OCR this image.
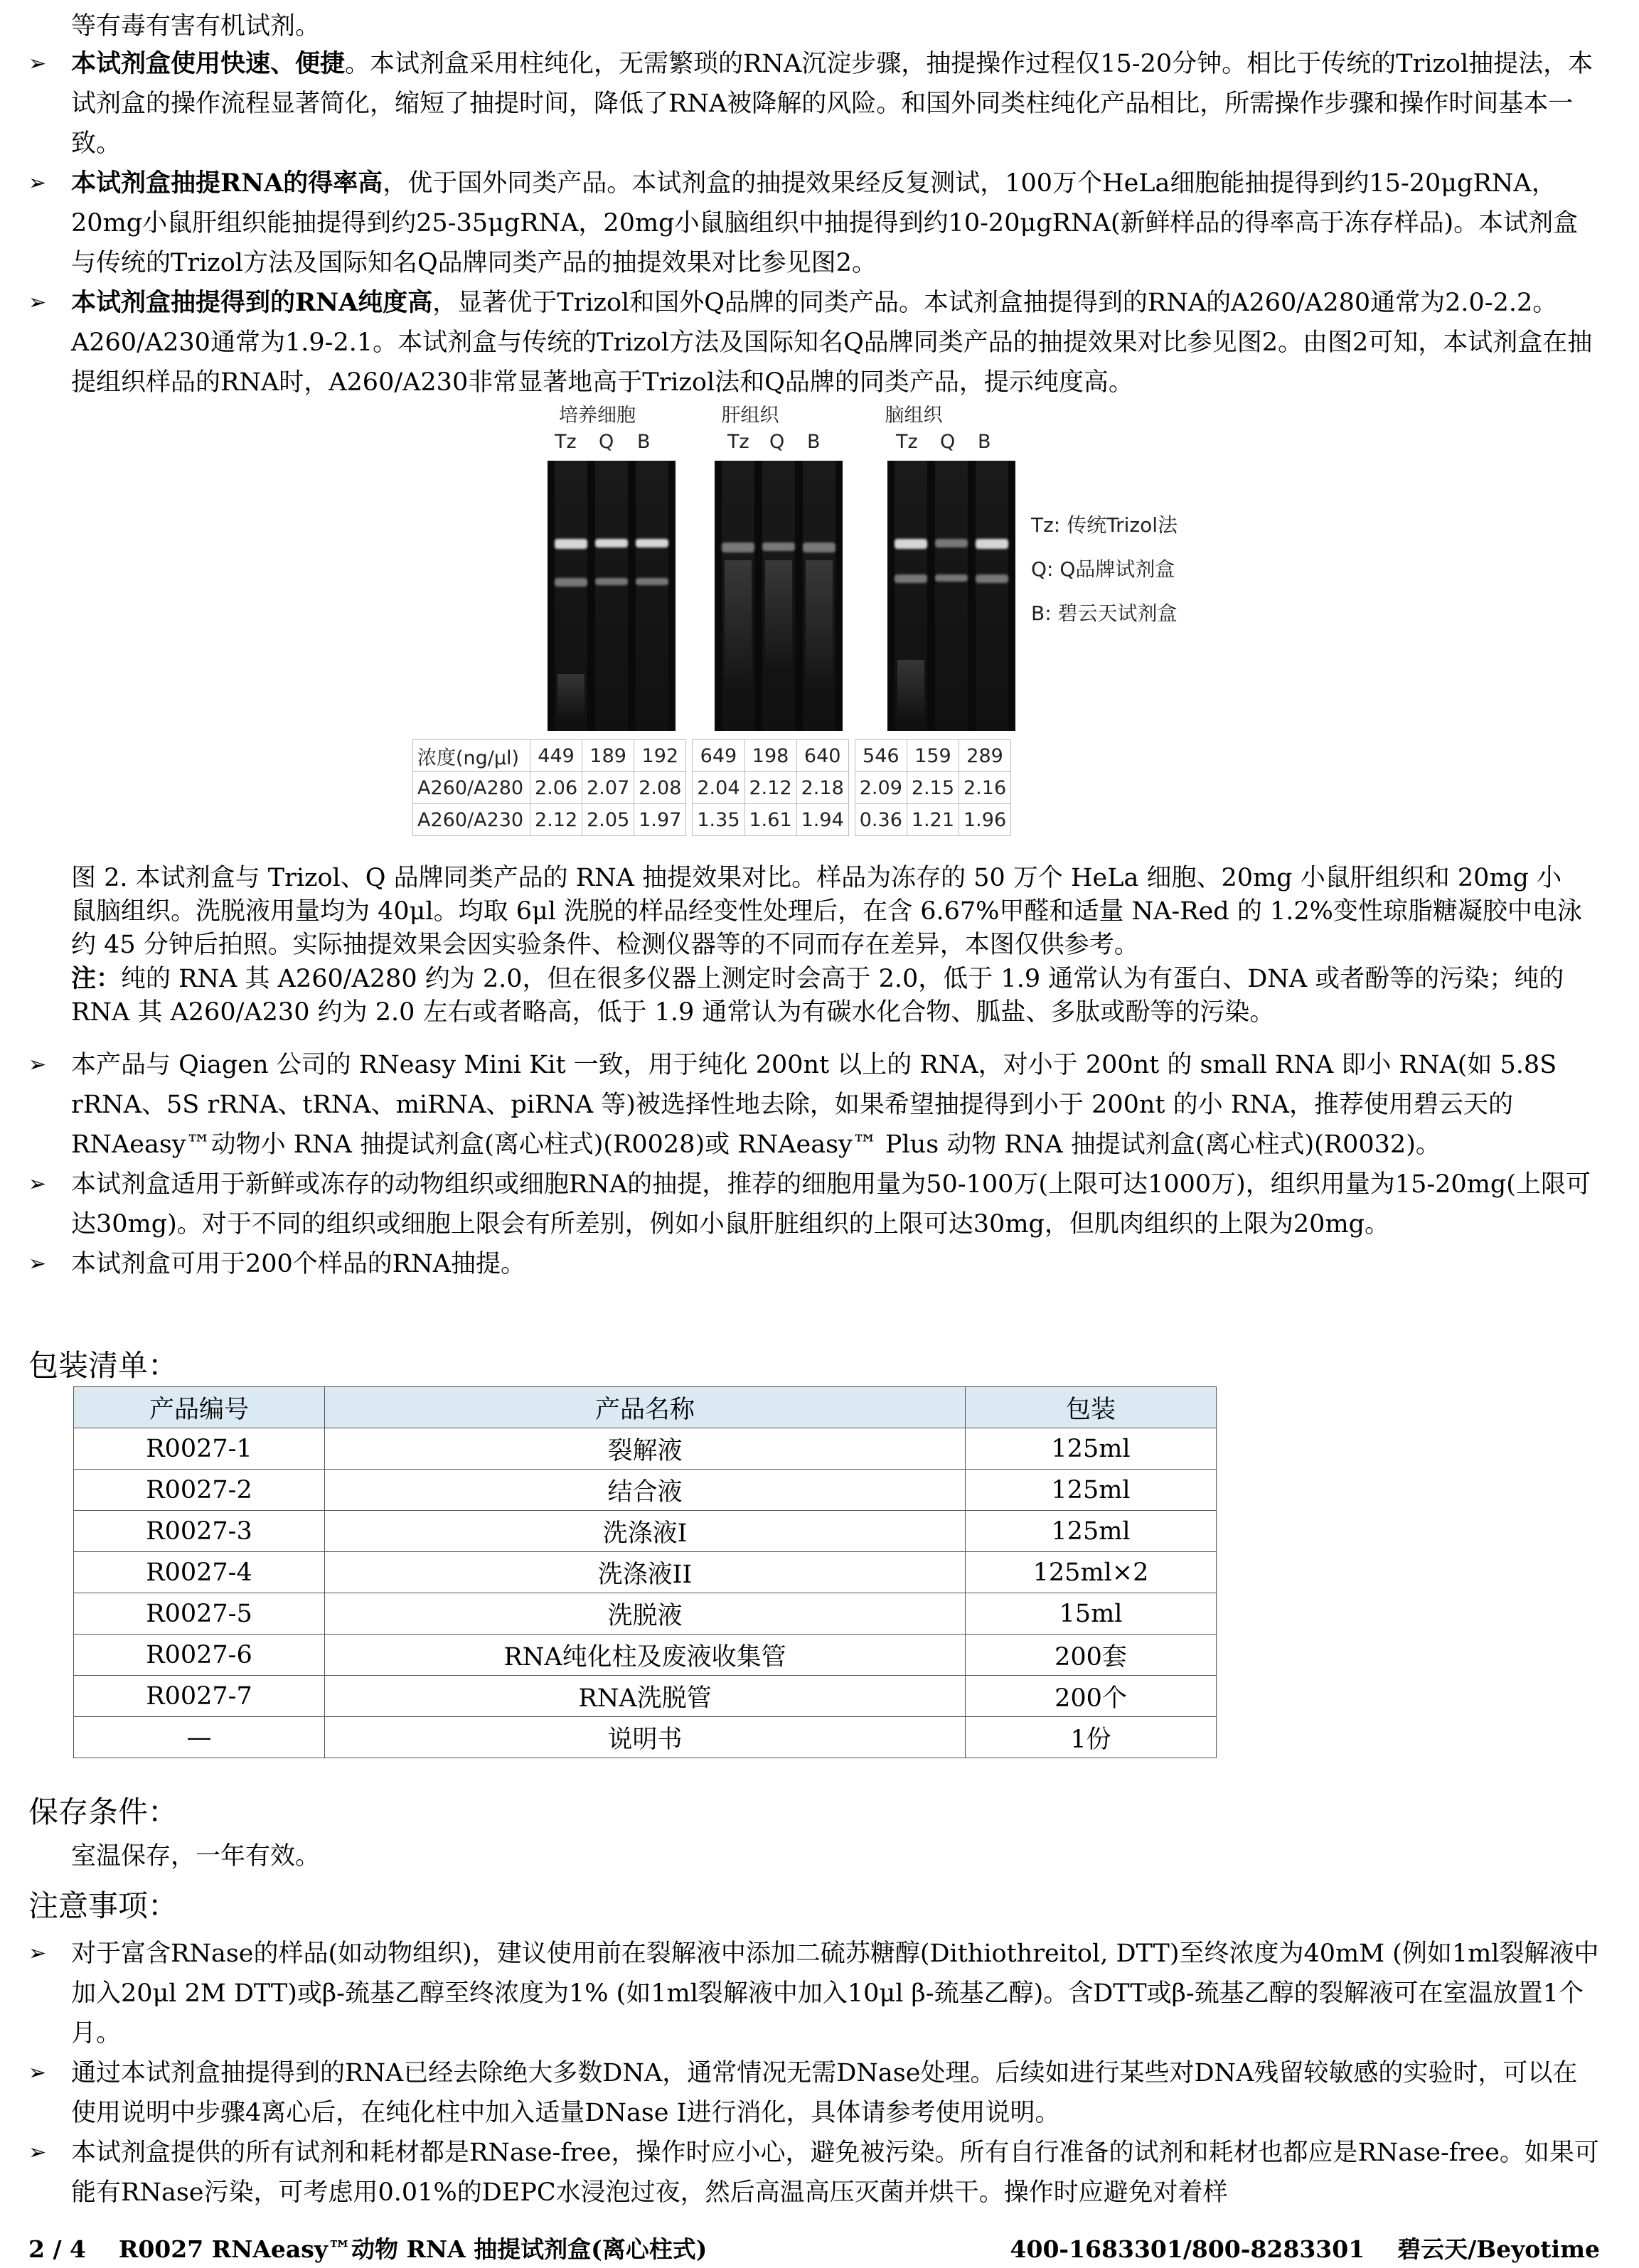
等有毒有害有机试剂。
➢ 本试剂盒使用快速、便捷。本试剂盒采用柱纯化，无需繁琐的RNA沉淀步骤，抽提操作过程仅15-20分钟。相比于传统的Trizol抽提法，本试剂盒的操作流程显著简化，缩短了抽提时间，降低了RNA被降解的风险。和国外同类柱纯化产品相比，所需操作步骤和操作时间基本一致。
➢ 本试剂盒抽提RNA的得率高，优于国外同类产品。本试剂盒的抽提效果经反复测试，100万个HeLa细胞能抽提得到约15-20μgRNA，20mg小鼠肝组织能抽提得到约25-35μgRNA，20mg小鼠脑组织中抽提得到约10-20μgRNA(新鲜样品的得率高于冻存样品)。本试剂盒与传统的Trizol方法及国际知名Q品牌同类产品的抽提效果对比参见图2。
➢ 本试剂盒抽提得到的RNA纯度高，显著优于Trizol和国外Q品牌的同类产品。本试剂盒抽提得到的RNA的A260/A280通常为2.0-2.2。A260/A230通常为1.9-2.1。本试剂盒与传统的Trizol方法及国际知名Q品牌同类产品的抽提效果对比参见图2。由图2可知，本试剂盒在抽提组织样品的RNA时，A260/A230非常显著地高于Trizol法和Q品牌的同类产品，提示纯度高。
培养细胞	肝组织	脑组织
Tz Q B	Tz Q B	Tz Q B
Tz: 传统Trizol法
Q: Q品牌试剂盒
B: 碧云天试剂盒
浓度(ng/μl)	449	189	192		649	198	640		546	159	289
A260/A280	2.06	2.07	2.08		2.04	2.12	2.18		2.09	2.15	2.16
A260/A230	2.12	2.05	1.97		1.35	1.61	1.94		0.36	1.21	1.96
图 2. 本试剂盒与 Trizol、Q 品牌同类产品的 RNA 抽提效果对比。样品为冻存的 50 万个 HeLa 细胞、20mg 小鼠肝组织和 20mg 小鼠脑组织。洗脱液用量均为 40μl。均取 6μl 洗脱的样品经变性处理后，在含 6.67%甲醛和适量 NA-Red 的 1.2%变性琼脂糖凝胶中电泳约 45 分钟后拍照。实际抽提效果会因实验条件、检测仪器等的不同而存在差异，本图仅供参考。
注：纯的 RNA 其 A260/A280 约为 2.0，但在很多仪器上测定时会高于 2.0，低于 1.9 通常认为有蛋白、DNA 或者酚等的污染；纯的 RNA 其 A260/A230 约为 2.0 左右或者略高，低于 1.9 通常认为有碳水化合物、胍盐、多肽或酚等的污染。
➢ 本产品与 Qiagen 公司的 RNeasy Mini Kit 一致，用于纯化 200nt 以上的 RNA，对小于 200nt 的 small RNA 即小 RNA(如 5.8S rRNA、5S rRNA、tRNA、miRNA、piRNA 等)被选择性地去除，如果希望抽提得到小于 200nt 的小 RNA，推荐使用碧云天的 RNAeasy™动物小 RNA 抽提试剂盒(离心柱式)(R0028)或 RNAeasy™ Plus 动物 RNA 抽提试剂盒(离心柱式)(R0032)。
➢ 本试剂盒适用于新鲜或冻存的动物组织或细胞RNA的抽提，推荐的细胞用量为50-100万(上限可达1000万)，组织用量为15-20mg(上限可达30mg)。对于不同的组织或细胞上限会有所差别，例如小鼠肝脏组织的上限可达30mg，但肌肉组织的上限为20mg。
➢ 本试剂盒可用于200个样品的RNA抽提。
包装清单：
产品编号	产品名称	包装
R0027-1	裂解液	125ml
R0027-2	结合液	125ml
R0027-3	洗涤液I	125ml
R0027-4	洗涤液II	125ml×2
R0027-5	洗脱液	15ml
R0027-6	RNA纯化柱及废液收集管	200套
R0027-7	RNA洗脱管	200个
—	说明书	1份
保存条件：
室温保存，一年有效。
注意事项：
➢ 对于富含RNase的样品(如动物组织)，建议使用前在裂解液中添加二硫苏糖醇(Dithiothreitol, DTT)至终浓度为40mM (例如1ml裂解液中加入20μl 2M DTT)或β-巯基乙醇至终浓度为1% (如1ml裂解液中加入10μl β-巯基乙醇)。含DTT或β-巯基乙醇的裂解液可在室温放置1个月。
➢ 通过本试剂盒抽提得到的RNA已经去除绝大多数DNA，通常情况无需DNase处理。后续如进行某些对DNA残留较敏感的实验时，可以在使用说明中步骤4离心后，在纯化柱中加入适量DNase I进行消化，具体请参考使用说明。
➢ 本试剂盒提供的所有试剂和耗材都是RNase-free，操作时应小心，避免被污染。所有自行准备的试剂和耗材也都应是RNase-free。如果可能有RNase污染，可考虑用0.01%的DEPC水浸泡过夜，然后高温高压灭菌并烘干。操作时应避免对着样
2 / 4 R0027 RNAeasy™动物 RNA 抽提试剂盒(离心柱式)	400-1683301/800-8283301 碧云天/Beyotime
